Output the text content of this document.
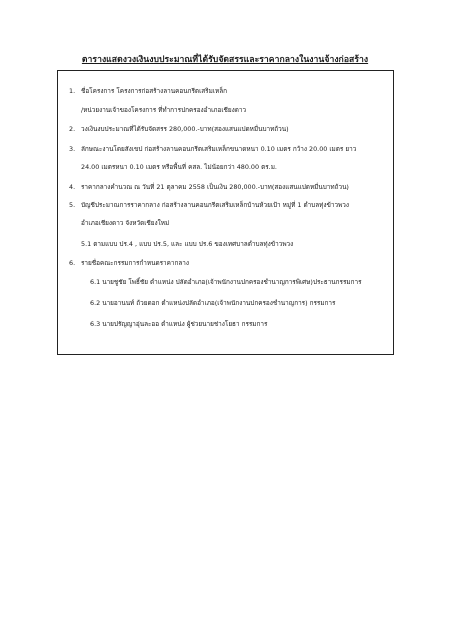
ตารางแสดงวงเงินงบประมาณที่ได้รับจัดสรรและราคากลางในงานจ้างก่อสร้าง
1. ชื่อโครงการ โครงการก่อสร้างลานคอนกรีตเสริมเหล็ก
/หน่วยงานเจ้าของโครงการ ที่ทำการปกครองอำเภอเชียงดาว
2. วงเงินงบประมาณที่ได้รับจัดสรร 280,000.-บาท(สองแสนแปดหมื่นบาทถ้วน)
3. ลักษณะงานโดยสังเขป ก่อสร้างลานคอนกรีตเสริมเหล็กขนาดหนา 0.10 เมตร กว้าง 20.00 เมตร ยาว
24.00 เมตรหนา 0.10 เมตร หรือพื้นที่ คสล. ไม่น้อยกว่า 480.00 ตร.ม.
4. ราคากลางคำนวณ ณ วันที่ 21 ตุลาคม 2558 เป็นเงิน 280,000.-บาท(สองแสนแปดหมื่นบาทถ้วน)
5. บัญชีประมาณการราคากลาง ก่อสร้างลานคอนกรีตเสริมเหล็กบ้านห้วยเป้า หมู่ที่ 1 ตำบลทุ่งข้าวพวง
อำเภอเชียงดาว จังหวัดเชียงใหม่
5.1 ตามแบบ ปร.4 , แบบ ปร.5, และ แบบ ปร.6 ของเทศบาลตำบลทุ่งข้าวพวง
6. รายชื่อคณะกรรมการกำหนดราคากลาง
6.1 นายชูชัย โพธิ์ชัย ตำแหน่ง ปลัดอำเภอ(เจ้าพนักงานปกครองชำนาญการพิเศษ)ประธานกรรมการ
6.2 นายอานนท์ ถ้วยดอก ตำแหน่งปลัดอำเภอ(เจ้าพนักงานปกครองชำนาญการ) กรรมการ
6.3 นายปรัญญาอุ่นละออ ตำแหน่ง ผู้ช่วยนายช่างโยธา กรรมการ
